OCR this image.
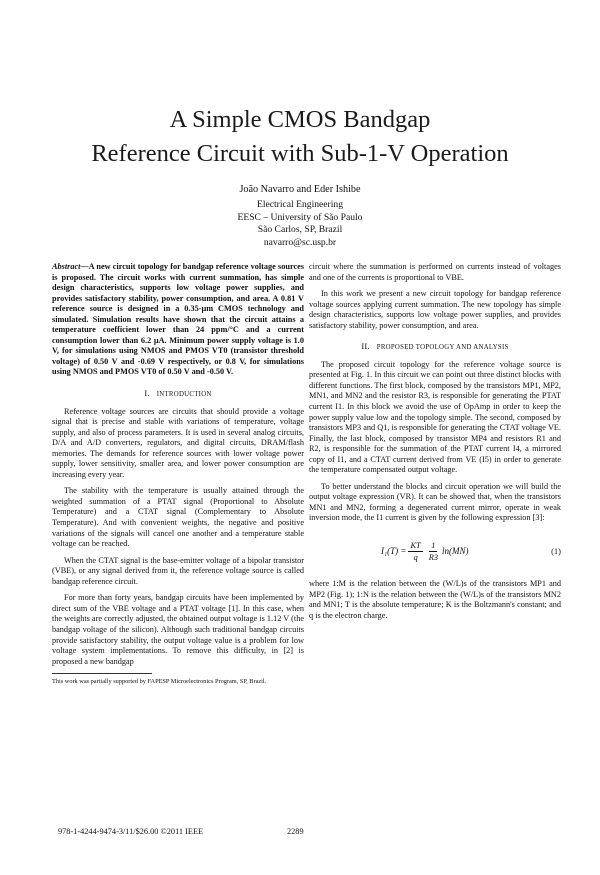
A Simple CMOS Bandgap
Reference Circuit with Sub-1-V Operation
João Navarro and Eder Ishibe
Electrical Engineering
EESC – University of São Paulo
São Carlos, SP, Brazil
navarro@sc.usp.br

Abstract—A new circuit topology for bandgap reference voltage sources is proposed. The circuit works with current summation, has simple design characteristics, supports low voltage power supplies, and provides satisfactory stability, power consumption, and area. A 0.81 V reference source is designed in a 0.35-µm CMOS technology and simulated. Simulation results have shown that the circuit attains a temperature coefficient lower than 24 ppm/°C and a current consumption lower than 6.2 µA. Minimum power supply voltage is 1.0 V, for simulations using NMOS and PMOS VT0 (transistor threshold voltage) of 0.50 V and -0.69 V respectively, or 0.8 V, for simulations using NMOS and PMOS VT0 of 0.50 V and -0.50 V.

I. INTRODUCTION

Reference voltage sources are circuits that should provide a voltage signal that is precise and stable with variations of temperature, voltage supply, and also of process parameters. It is used in several analog circuits, D/A and A/D converters, regulators, and digital circuits, DRAM/flash memories. The demands for reference sources with lower voltage power supply, lower sensitivity, smaller area, and lower power consumption are increasing every year.

The stability with the temperature is usually attained through the weighted summation of a PTAT signal (Proportional to Absolute Temperature) and a CTAT signal (Complementary to Absolute Temperature). And with convenient weights, the negative and positive variations of the signals will cancel one another and a temperature stable voltage can be reached.

When the CTAT signal is the base-emitter voltage of a bipolar transistor (VBE), or any signal derived from it, the reference voltage source is called bandgap reference circuit.

For more than forty years, bandgap circuits have been implemented by direct sum of the VBE voltage and a PTAT voltage [1]. In this case, when the weights are correctly adjusted, the obtained output voltage is 1.12 V (the bandgap voltage of the silicon). Although such traditional bandgap circuits provide satisfactory stability, the output voltage value is a problem for low voltage system implementations. To remove this difficulty, in [2] is proposed a new bandgap

This work was partially supported by FAPESP Microelectronics Program, SP, Brazil.

circuit where the summation is performed on currents instead of voltages and one of the currents is proportional to VBE.

In this work we present a new circuit topology for bandgap reference voltage sources applying current summation. The new topology has simple design characteristics, supports low voltage power supplies, and provides satisfactory stability, power consumption, and area.

II. PROPOSED TOPOLOGY AND ANALYSIS

The proposed circuit topology for the reference voltage source is presented at Fig. 1. In this circuit we can point out three distinct blocks with different functions. The first block, composed by the transistors MP1, MP2, MN1, and MN2 and the resistor R3, is responsible for generating the PTAT current I1. In this block we avoid the use of OpAmp in order to keep the power supply value low and the topology simple. The second, composed by transistors MP3 and Q1, is responsible for generating the CTAT voltage VE. Finally, the last block, composed by transistor MP4 and resistors R1 and R2, is responsible for the summation of the PTAT current I4, a mirrored copy of I1, and a CTAT current derived from VE (I5) in order to generate the temperature compensated output voltage.

To better understand the blocks and circuit operation we will build the output voltage expression (VR). It can be showed that, when the transistors MN1 and MN2, forming a degenerated current mirror, operate in weak inversion mode, the I1 current is given by the following expression [3]:

$I_1(T) = \frac{KT}{q} \frac{1}{R3} \ln(MN)$	(1)

where 1:M is the relation between the (W/L)s of the transistors MP1 and MP2 (Fig. 1); 1:N is the relation between the (W/L)s of the transistors MN2 and MN1; T is the absolute temperature; K is the Boltzmann's constant; and q is the electron charge.

978-1-4244-9474-3/11/$26.00 ©2011 IEEE	2289
